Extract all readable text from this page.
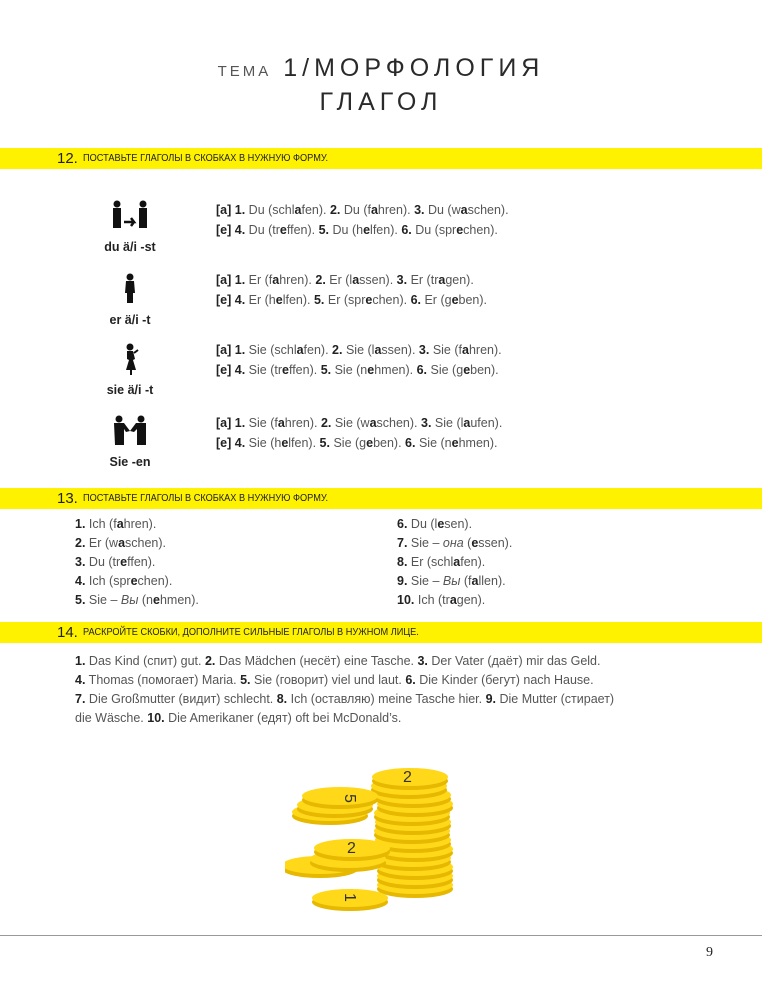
ТЕМА 1/МОРФОЛОГИЯ
ГЛАГОЛ
12. ПОСТАВЬТЕ ГЛАГОЛЫ В СКОБКАХ В НУЖНУЮ ФОРМУ.
du ä/i -st
[a] 1. Du (schlafen). 2. Du (fahren). 3. Du (waschen).
[e] 4. Du (treffen). 5. Du (helfen). 6. Du (sprechen).
er ä/i -t
[a] 1. Er (fahren). 2. Er (lassen). 3. Er (tragen).
[e] 4. Er (helfen). 5. Er (sprechen). 6. Er (geben).
sie ä/i -t
[a] 1. Sie (schlafen). 2. Sie (lassen). 3. Sie (fahren).
[e] 4. Sie (treffen). 5. Sie (nehmen). 6. Sie (geben).
Sie -en
[a] 1. Sie (fahren). 2. Sie (waschen). 3. Sie (laufen).
[e] 4. Sie (helfen). 5. Sie (geben). 6. Sie (nehmen).
13. ПОСТАВЬТЕ ГЛАГОЛЫ В СКОБКАХ В НУЖНУЮ ФОРМУ.
1. Ich (fahren).
2. Er (waschen).
3. Du (treffen).
4. Ich (sprechen).
5. Sie – Вы (nehmen).
6. Du (lesen).
7. Sie – она (essen).
8. Er (schlafen).
9. Sie – Вы (fallen).
10. Ich (tragen).
14. РАСКРОЙТЕ СКОБКИ, ДОПОЛНИТЕ СИЛЬНЫЕ ГЛАГОЛЫ В НУЖНОМ ЛИЦЕ.
1. Das Kind (спит) gut. 2. Das Mädchen (несёт) eine Tasche. 3. Der Vater (даёт) mir das Geld.
4. Thomas (помогает) Maria. 5. Sie (говорит) viel und laut. 6. Die Kinder (бегут) nach Hause.
7. Die Großmutter (видит) schlecht. 8. Ich (оставляю) meine Tasche hier. 9. Die Mutter (стирает)
die Wäsche. 10. Die Amerikaner (едят) oft bei McDonald’s.
5
2
2
1
9
